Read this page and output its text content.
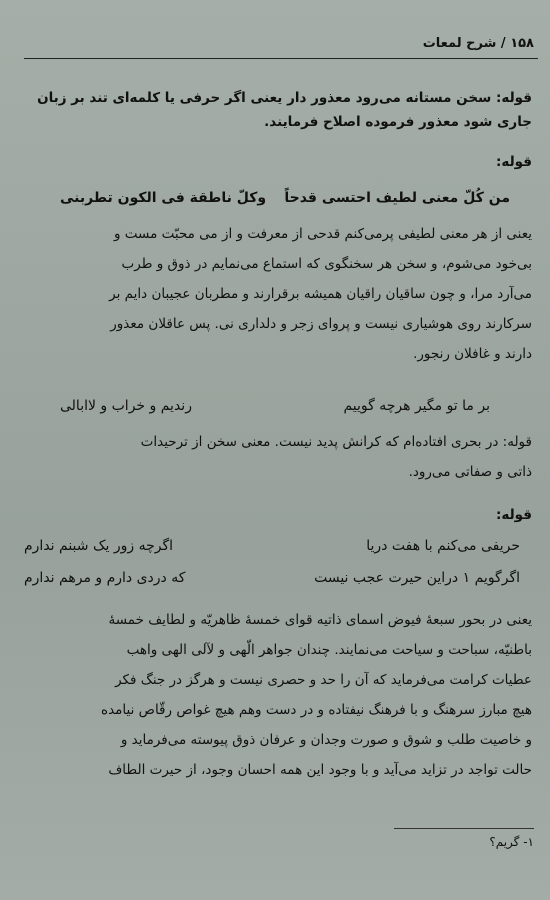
۱۵۸ / شرح لمعات
قوله: سخن مستانه می‌رود معذور دار یعنی اگر حرفی یا کلمه‌ای تند بر زبان
جاری شود معذور فرموده اصلاح فرمایند.
قوله:
من کُلّ معنی لطیف احتسی قدحاً
وکلّ ناطقة فی الکون تطربنی
یعنی از هر معنی لطیفی پرمی‌کنم قدحی از معرفت و از می محبّت مست و
بی‌خود می‌شوم، و سخن هر سخنگوی که استماع می‌نمایم در ذوق و طرب
می‌آرد مرا، و چون ساقیان راقیان همیشه برقرارند و مطربان عجیبان دایم بر
سرکارند روی هوشیاری نیست و پروای زجر و دلداری نی. پس عاقلان معذور
دارند و غافلان رنجور.
بر ما تو مگیر هرچه گوییم
رندیم و خراب و لاابالی
قوله: در بحری افتاده‌ام که کرانش پدید نیست. معنی سخن از ترحیدات
ذاتی و صفاتی می‌رود.
قوله:
حریفی می‌کنم با هفت دریا
اگرچه زور یک شبنم ندارم
اگرگویم ۱ دراین حیرت عجب نیست
که دردی دارم و مرهم ندارم
یعنی در بحور سبعهٔ فیوض اسمای ذاتیه قوای خمسهٔ ظاهریّه و لطایف خمسهٔ
باطنیّه، سباحت و سیاحت می‌نمایند. چندان جواهر الّهی و لآلی الهی واهب
عطیات کرامت می‌فرماید که آن را حد و حصری نیست و هرگز در جنگ فکر
هیچ مبارز سرهنگ و با فرهنگ نیفتاده و در دست وهم هیچ غواص رقّاص نیامده
و خاصیت طلب و شوق و صورت وجدان و عرفان ذوق پیوسته می‌فرماید و
حالت تواجد در تزاید می‌آید و با وجود این همه احسان وجود، از حیرت الطاف
۱- گریم؟
